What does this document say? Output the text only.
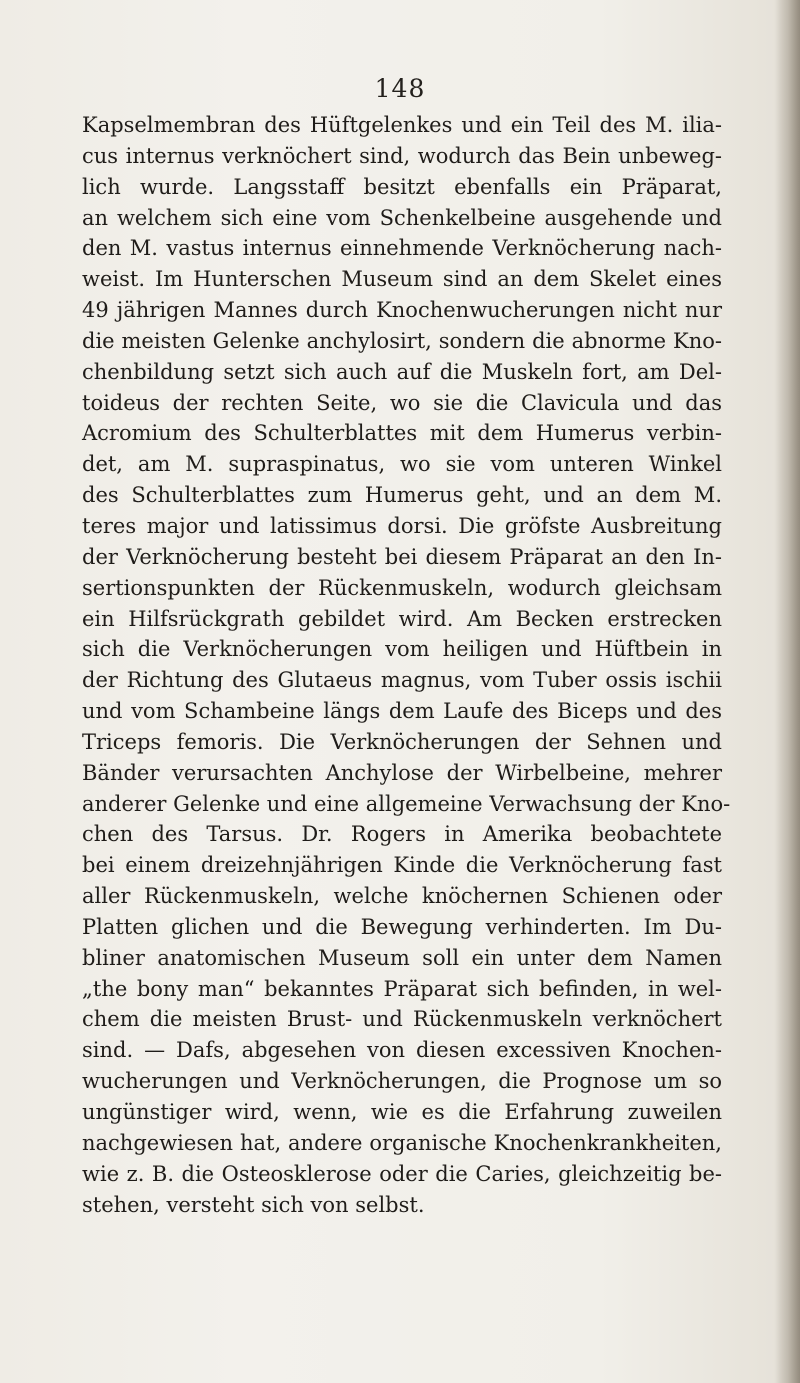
148
Kapselmembran des Hüftgelenkes und ein Teil des M. ilia-
cus internus verknöchert sind, wodurch das Bein unbeweg-
lich wurde. Langsstaff besitzt ebenfalls ein Präparat,
an welchem sich eine vom Schenkelbeine ausgehende und
den M. vastus internus einnehmende Verknöcherung nach-
weist. Im Hunterschen Museum sind an dem Skelet eines
49 jährigen Mannes durch Knochenwucherungen nicht nur
die meisten Gelenke anchylosirt, sondern die abnorme Kno-
chenbildung setzt sich auch auf die Muskeln fort, am Del-
toideus der rechten Seite, wo sie die Clavicula und das
Acromium des Schulterblattes mit dem Humerus verbin-
det, am M. supraspinatus, wo sie vom unteren Winkel
des Schulterblattes zum Humerus geht, und an dem M.
teres major und latissimus dorsi. Die gröfste Ausbreitung
der Verknöcherung besteht bei diesem Präparat an den In-
sertionspunkten der Rückenmuskeln, wodurch gleichsam
ein Hilfsrückgrath gebildet wird. Am Becken erstrecken
sich die Verknöcherungen vom heiligen und Hüftbein in
der Richtung des Glutaeus magnus, vom Tuber ossis ischii
und vom Schambeine längs dem Laufe des Biceps und des
Triceps femoris. Die Verknöcherungen der Sehnen und
Bänder verursachten Anchylose der Wirbelbeine, mehrer
anderer Gelenke und eine allgemeine Verwachsung der Kno-
chen des Tarsus. Dr. Rogers in Amerika beobachtete
bei einem dreizehnjährigen Kinde die Verknöcherung fast
aller Rückenmuskeln, welche knöchernen Schienen oder
Platten glichen und die Bewegung verhinderten. Im Du-
bliner anatomischen Museum soll ein unter dem Namen
„the bony man“ bekanntes Präparat sich befinden, in wel-
chem die meisten Brust- und Rückenmuskeln verknöchert
sind. — Dafs, abgesehen von diesen excessiven Knochen-
wucherungen und Verknöcherungen, die Prognose um so
ungünstiger wird, wenn, wie es die Erfahrung zuweilen
nachgewiesen hat, andere organische Knochenkrankheiten,
wie z. B. die Osteosklerose oder die Caries, gleichzeitig be-
stehen, versteht sich von selbst.
